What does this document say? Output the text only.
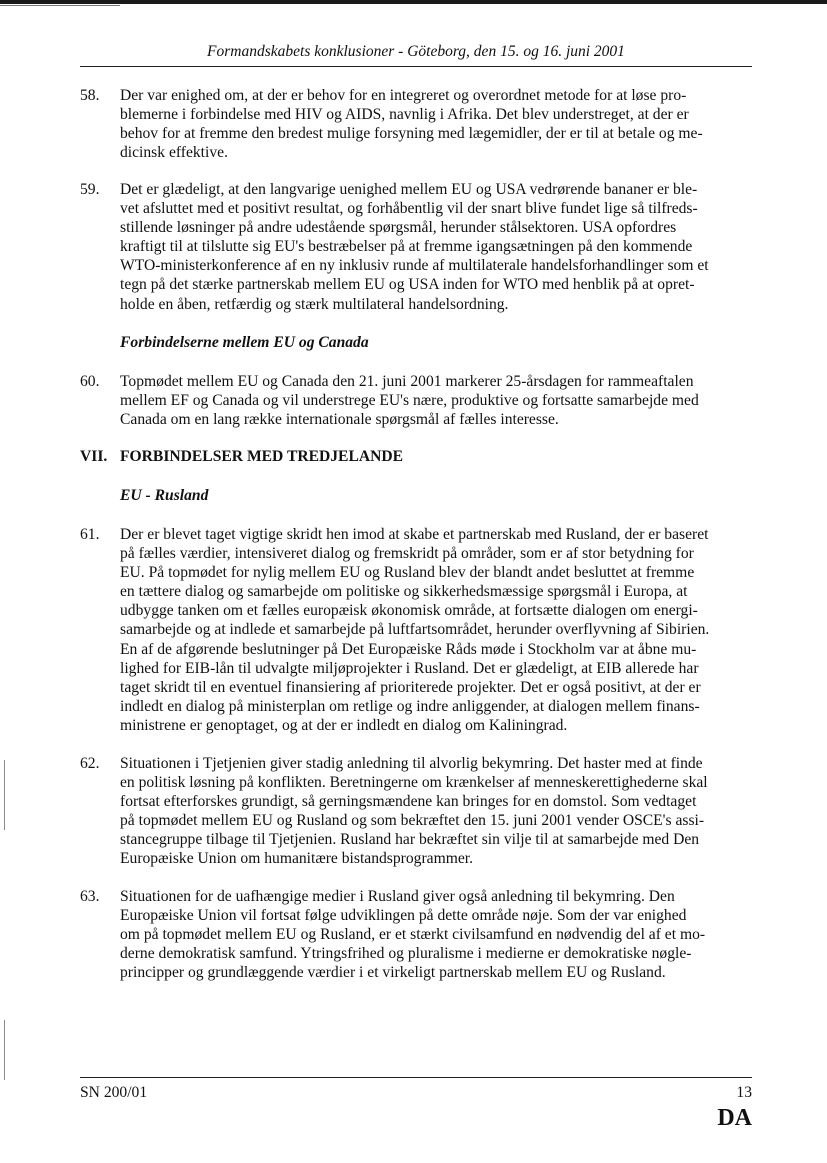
Formandskabets konklusioner - Göteborg, den 15. og 16. juni 2001
58.	Der var enighed om, at der er behov for en integreret og overordnet metode for at løse pro-
blemerne i forbindelse med HIV og AIDS, navnlig i Afrika. Det blev understreget, at der er
behov for at fremme den bredest mulige forsyning med lægemidler, der er til at betale og me-
dicinsk effektive.
59.	Det er glædeligt, at den langvarige uenighed mellem EU og USA vedrørende bananer er ble-
vet afsluttet med et positivt resultat, og forhåbentlig vil der snart blive fundet lige så tilfreds-
stillende løsninger på andre udestående spørgsmål, herunder stålsektoren. USA opfordres
kraftigt til at tilslutte sig EU's bestræbelser på at fremme igangsætningen på den kommende
WTO-ministerkonference af en ny inklusiv runde af multilaterale handelsforhandlinger som et
tegn på det stærke partnerskab mellem EU og USA inden for WTO med henblik på at opret-
holde en åben, retfærdig og stærk multilateral handelsordning.
Forbindelserne mellem EU og Canada
60.	Topmødet mellem EU og Canada den 21. juni 2001 markerer 25-årsdagen for rammeaftalen
mellem EF og Canada og vil understrege EU's nære, produktive og fortsatte samarbejde med
Canada om en lang række internationale spørgsmål af fælles interesse.
VII. FORBINDELSER MED TREDJELANDE
EU - Rusland
61.	Der er blevet taget vigtige skridt hen imod at skabe et partnerskab med Rusland, der er baseret
på fælles værdier, intensiveret dialog og fremskridt på områder, som er af stor betydning for
EU. På topmødet for nylig mellem EU og Rusland blev der blandt andet besluttet at fremme
en tættere dialog og samarbejde om politiske og sikkerhedsmæssige spørgsmål i Europa, at
udbygge tanken om et fælles europæisk økonomisk område, at fortsætte dialogen om energi-
samarbejde og at indlede et samarbejde på luftfartsområdet, herunder overflyvning af Sibirien.
En af de afgørende beslutninger på Det Europæiske Råds møde i Stockholm var at åbne mu-
lighed for EIB-lån til udvalgte miljøprojekter i Rusland. Det er glædeligt, at EIB allerede har
taget skridt til en eventuel finansiering af prioriterede projekter. Det er også positivt, at der er
indledt en dialog på ministerplan om retlige og indre anliggender, at dialogen mellem finans-
ministrene er genoptaget, og at der er indledt en dialog om Kaliningrad.
62.	Situationen i Tjetjenien giver stadig anledning til alvorlig bekymring. Det haster med at finde
en politisk løsning på konflikten. Beretningerne om krænkelser af menneskerettighederne skal
fortsat efterforskes grundigt, så gerningsmændene kan bringes for en domstol. Som vedtaget
på topmødet mellem EU og Rusland og som bekræftet den 15. juni 2001 vender OSCE's assi-
stancegruppe tilbage til Tjetjenien. Rusland har bekræftet sin vilje til at samarbejde med Den
Europæiske Union om humanitære bistandsprogrammer.
63.	Situationen for de uafhængige medier i Rusland giver også anledning til bekymring. Den
Europæiske Union vil fortsat følge udviklingen på dette område nøje. Som der var enighed
om på topmødet mellem EU og Rusland, er et stærkt civilsamfund en nødvendig del af et mo-
derne demokratisk samfund. Ytringsfrihed og pluralisme i medierne er demokratiske nøgle-
principper og grundlæggende værdier i et virkeligt partnerskab mellem EU og Rusland.
SN 200/01	13
DA
